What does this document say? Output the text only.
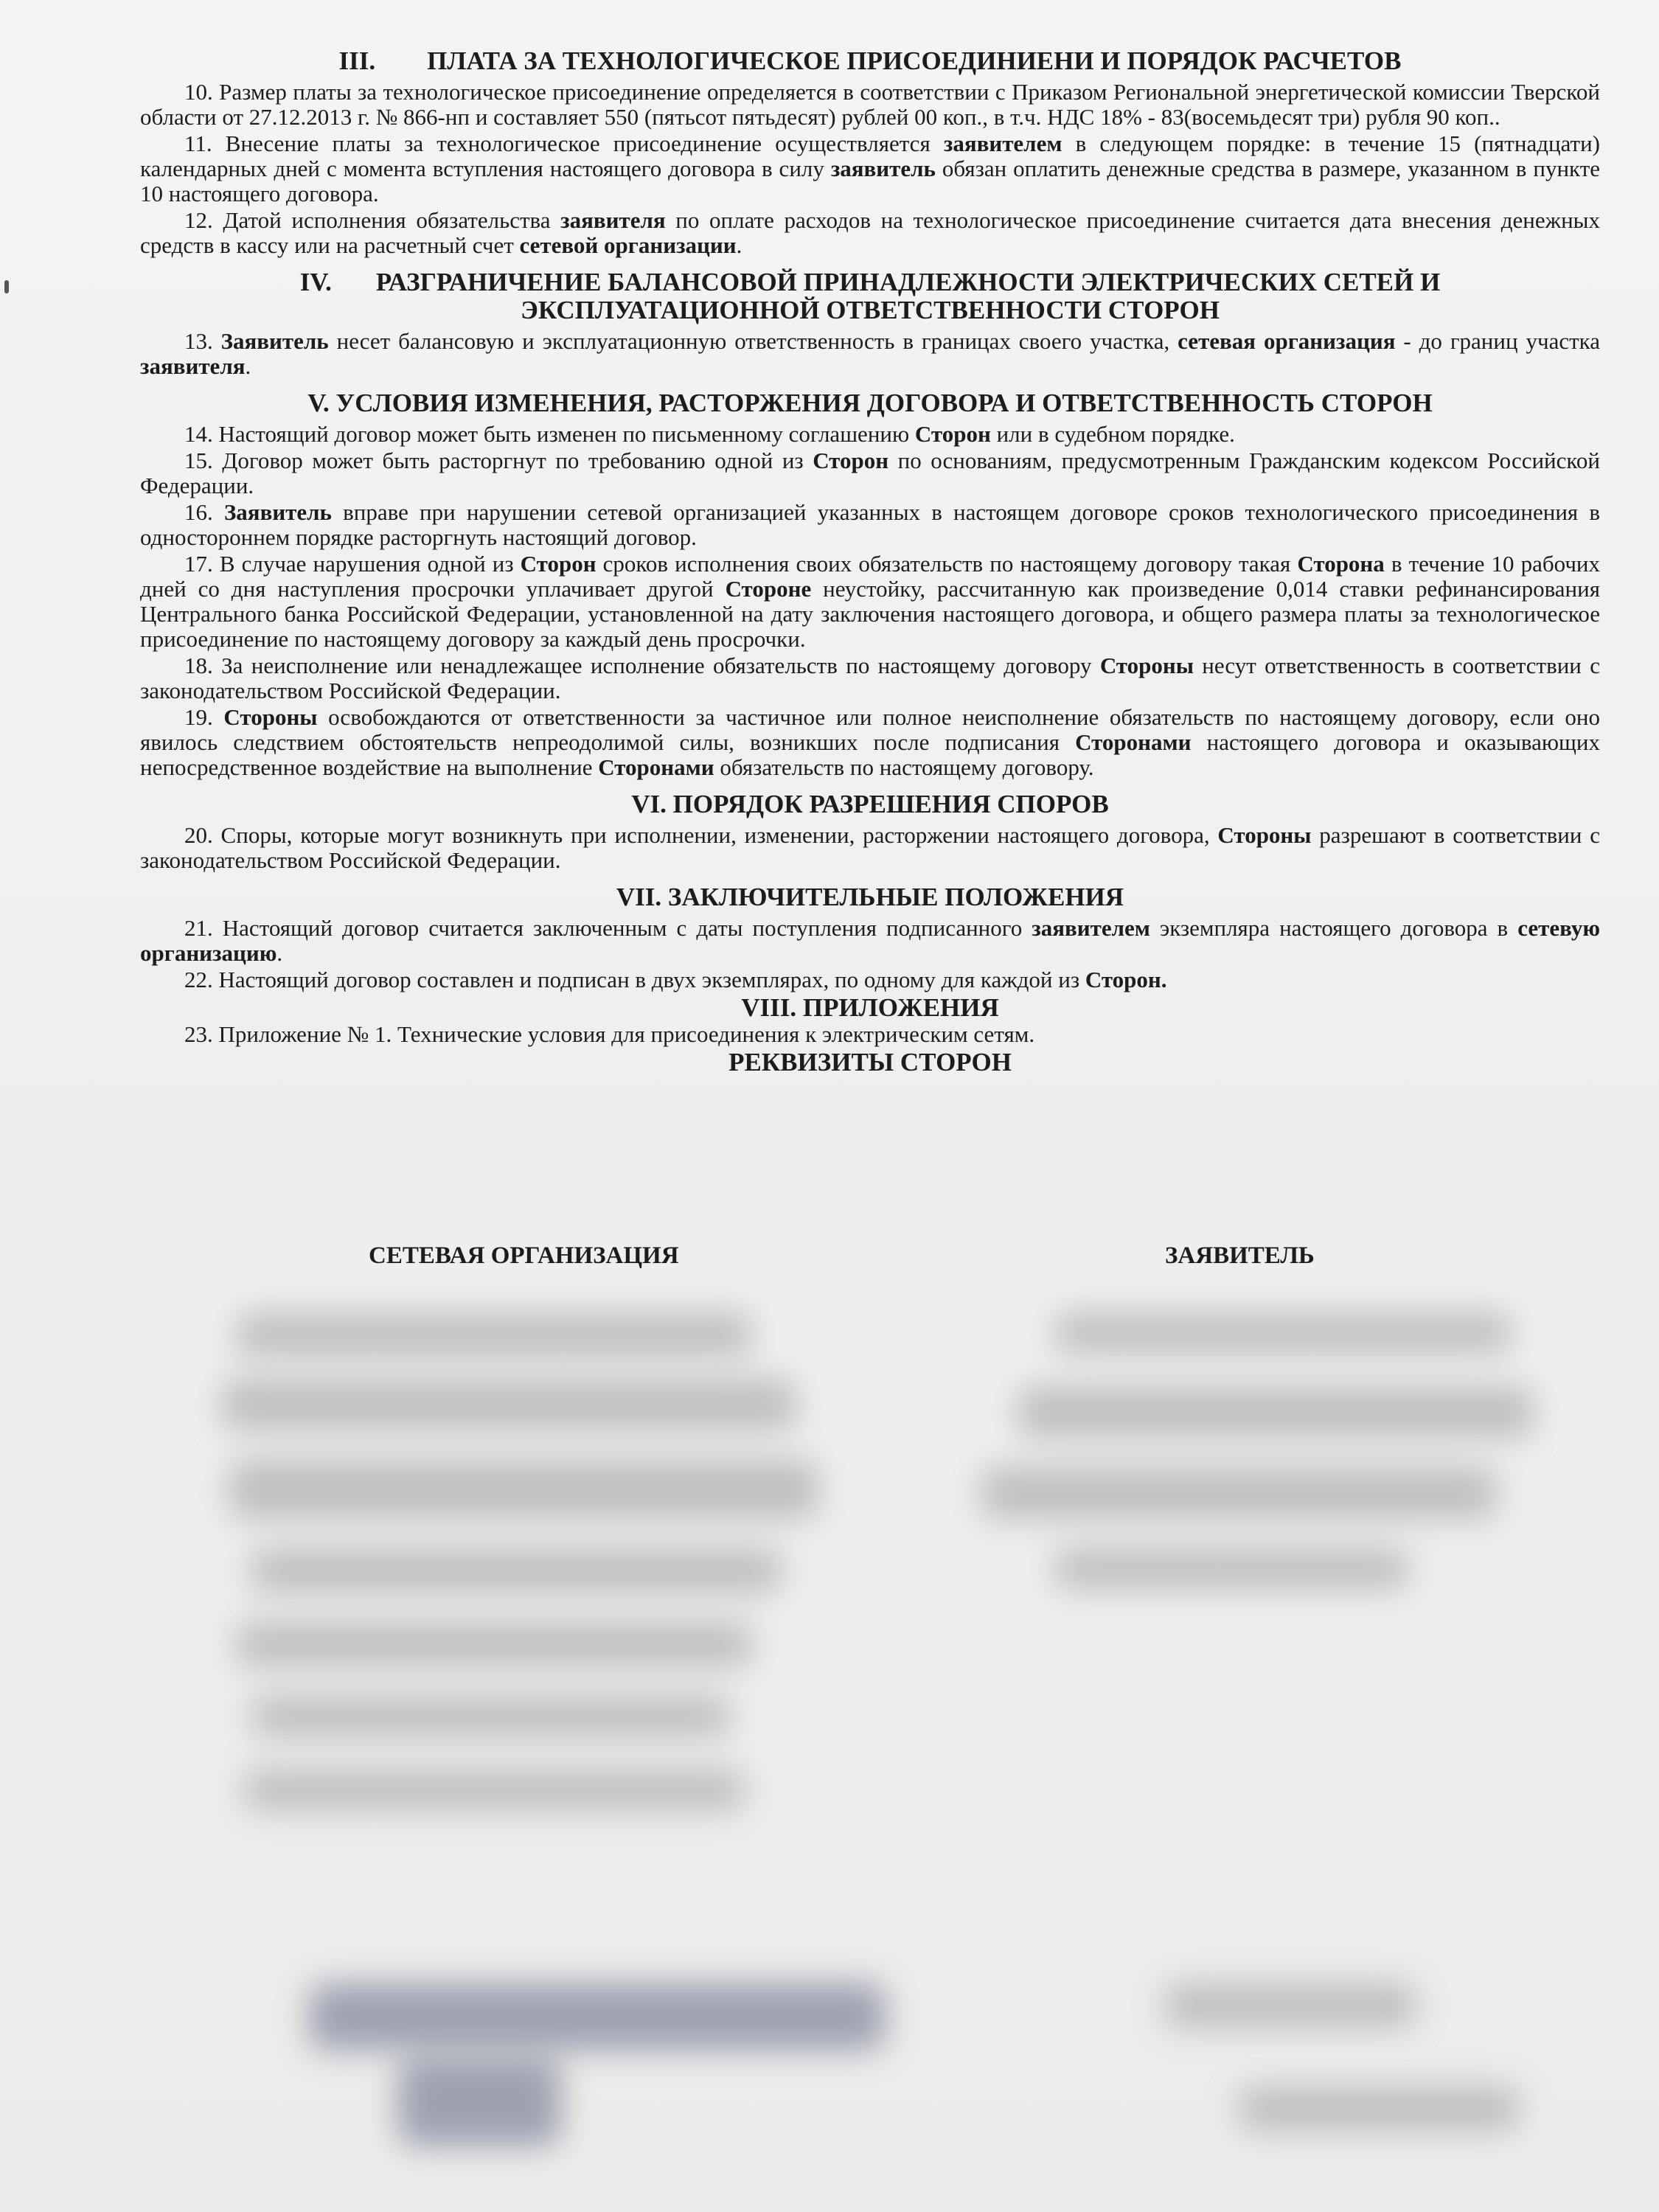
III. ПЛАТА ЗА ТЕХНОЛОГИЧЕСКОЕ ПРИСОЕДИНИЕНИ И ПОРЯДОК РАСЧЕТОВ

10. Размер платы за технологическое присоединение определяется в соответствии с Приказом Региональной энергетической комиссии Тверской области от 27.12.2013 г. № 866-нп и составляет 550 (пятьсот пятьдесят) рублей 00 коп., в т.ч. НДС 18% - 83(восемьдесят три) рубля 90 коп..

11. Внесение платы за технологическое присоединение осуществляется заявителем в следующем порядке: в течение 15 (пятнадцати) календарных дней с момента вступления настоящего договора в силу заявитель обязан оплатить денежные средства в размере, указанном в пункте 10 настоящего договора.

12. Датой исполнения обязательства заявителя по оплате расходов на технологическое присоединение считается дата внесения денежных средств в кассу или на расчетный счет сетевой организации.

IV. РАЗГРАНИЧЕНИЕ БАЛАНСОВОЙ ПРИНАДЛЕЖНОСТИ ЭЛЕКТРИЧЕСКИХ СЕТЕЙ И
ЭКСПЛУАТАЦИОННОЙ ОТВЕТСТВЕННОСТИ СТОРОН

13. Заявитель несет балансовую и эксплуатационную ответственность в границах своего участка, сетевая организация - до границ участка заявителя.

V. УСЛОВИЯ ИЗМЕНЕНИЯ, РАСТОРЖЕНИЯ ДОГОВОРА И ОТВЕТСТВЕННОСТЬ СТОРОН

14. Настоящий договор может быть изменен по письменному соглашению Сторон или в судебном порядке.

15. Договор может быть расторгнут по требованию одной из Сторон по основаниям, предусмотренным Гражданским кодексом Российской Федерации.

16. Заявитель вправе при нарушении сетевой организацией указанных в настоящем договоре сроков технологического присоединения в одностороннем порядке расторгнуть настоящий договор.

17. В случае нарушения одной из Сторон сроков исполнения своих обязательств по настоящему договору такая Сторона в течение 10 рабочих дней со дня наступления просрочки уплачивает другой Стороне неустойку, рассчитанную как произведение 0,014 ставки рефинансирования Центрального банка Российской Федерации, установленной на дату заключения настоящего договора, и общего размера платы за технологическое присоединение по настоящему договору за каждый день просрочки.

18. За неисполнение или ненадлежащее исполнение обязательств по настоящему договору Стороны несут ответственность в соответствии с законодательством Российской Федерации.

19. Стороны освобождаются от ответственности за частичное или полное неисполнение обязательств по настоящему договору, если оно явилось следствием обстоятельств непреодолимой силы, возникших после подписания Сторонами настоящего договора и оказывающих непосредственное воздействие на выполнение Сторонами обязательств по настоящему договору.

VI. ПОРЯДОК РАЗРЕШЕНИЯ СПОРОВ

20. Споры, которые могут возникнуть при исполнении, изменении, расторжении настоящего договора, Стороны разрешают в соответствии с законодательством Российской Федерации.

VII. ЗАКЛЮЧИТЕЛЬНЫЕ ПОЛОЖЕНИЯ

21. Настоящий договор считается заключенным с даты поступления подписанного заявителем экземпляра настоящего договора в сетевую организацию.

22. Настоящий договор составлен и подписан в двух экземплярах, по одному для каждой из Сторон.

VIII. ПРИЛОЖЕНИЯ

23. Приложение № 1. Технические условия для присоединения к электрическим сетям.

РЕКВИЗИТЫ СТОРОН
СЕТЕВАЯ ОРГАНИЗАЦИЯ	ЗАЯВИТЕЛЬ
